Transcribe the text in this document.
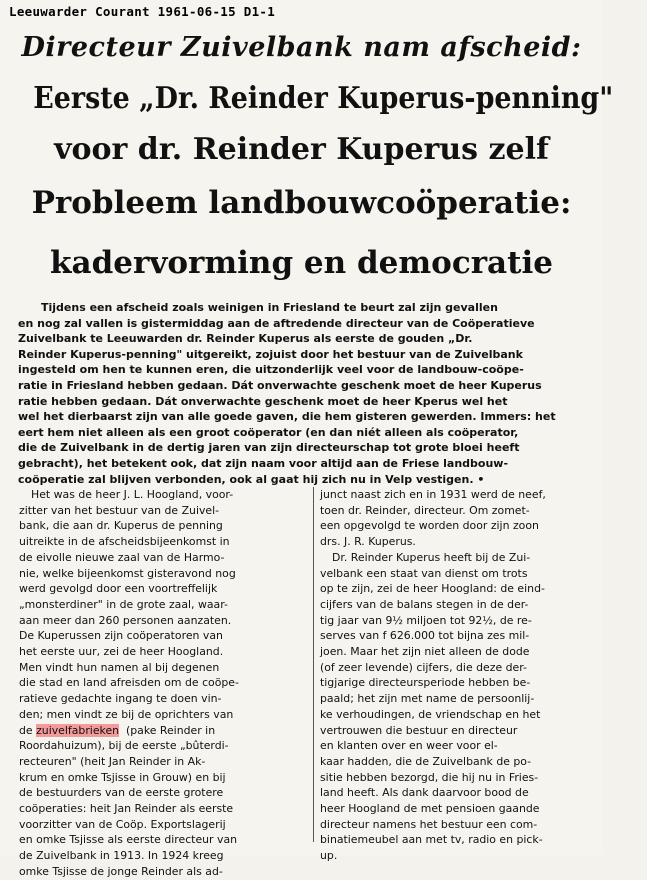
Leeuwarder Courant 1961-06-15 D1-1
Directeur Zuivelbank nam afscheid:
Eerste „Dr. Reinder Kuperus-penning"
voor dr. Reinder Kuperus zelf
Probleem landbouwcoöperatie:
kadervorming en democratie
Tijdens een afscheid zoals weinigen in Friesland te beurt zal zijn gevallen
en nog zal vallen is gistermiddag aan de aftredende directeur van de Coöperatieve
Zuivelbank te Leeuwarden dr. Reinder Kuperus als eerste de gouden „Dr.
Reinder Kuperus-penning" uitgereikt, zojuist door het bestuur van de Zuivelbank
ingesteld om hen te kunnen eren, die uitzonderlijk veel voor de landbouw-coöpe-
ratie in Friesland hebben gedaan. Dát onverwachte geschenk moet de heer Kuperus
ratie hebben gedaan. Dát onverwachte geschenk moet de heer Kperus wel het
wel het dierbaarst zijn van alle goede gaven, die hem gisteren gewerden. Immers: het
eert hem niet alleen als een groot coöperator (en dan niét alleen als coöperator,
die de Zuivelbank in de dertig jaren van zijn directeurschap tot grote bloei heeft
gebracht), het betekent ook, dat zijn naam voor altijd aan de Friese landbouw-
coöperatie zal blijven verbonden, ook al gaat hij zich nu in Velp vestigen. •
Het was de heer J. L. Hoogland, voor-
zitter van het bestuur van de Zuivel-
bank, die aan dr. Kuperus de penning
uitreikte in de afscheidsbijeenkomst in
de eivolle nieuwe zaal van de Harmo-
nie, welke bijeenkomst gisteravond nog
werd gevolgd door een voortreffelijk
„monsterdiner" in de grote zaal, waar-
aan meer dan 260 personen aanzaten.
De Kuperussen zijn coöperatoren van
het eerste uur, zei de heer Hoogland.
Men vindt hun namen al bij degenen
die stad en land afreisden om de coöpe-
ratieve gedachte ingang te doen vin-
den; men vindt ze bij de oprichters van
de zuivelfabrieken  (pake Reinder in
Roordahuizum), bij de eerste „bûterdi-
recteuren" (heit Jan Reinder in Ak-
krum en omke Tsjisse in Grouw) en bij
de bestuurders van de eerste grotere
coöperaties: heit Jan Reinder als eerste
voorzitter van de Coöp. Exportslagerij
en omke Tsjisse als eerste directeur van
de Zuivelbank in 1913. In 1924 kreeg
omke Tsjisse de jonge Reinder als ad-
junct naast zich en in 1931 werd de neef,
toen dr. Reinder, directeur. Om zomet-
een opgevolgd te worden door zijn zoon
drs. J. R. Kuperus.
Dr. Reinder Kuperus heeft bij de Zui-
velbank een staat van dienst om trots
op te zijn, zei de heer Hoogland: de eind-
cijfers van de balans stegen in de der-
tig jaar van 9½ miljoen tot 92½, de re-
serves van f 626.000 tot bijna zes mil-
joen. Maar het zijn niet alleen de dode
(of zeer levende) cijfers, die deze der-
tigjarige directeursperiode hebben be-
paald; het zijn met name de persoonlij-
ke verhoudingen, de vriendschap en het
vertrouwen die bestuur en directeur
en klanten over en weer voor el-
kaar hadden, die de Zuivelbank de po-
sitie hebben bezorgd, die hij nu in Fries-
land heeft. Als dank daarvoor bood de
heer Hoogland de met pensioen gaande
directeur namens het bestuur een com-
binatiemeubel aan met tv, radio en pick-
up.
